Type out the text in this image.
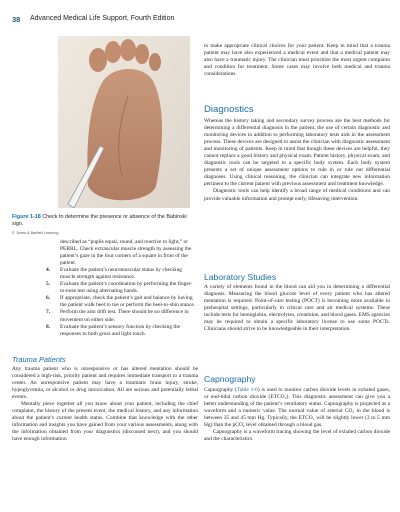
38 Advanced Medical Life Support, Fourth Edition
Figure 1-18 Check to determine the presence or absence of the Babinski sign.
© Jones & Bartlett Learning

described as “pupils equal, round, and reactive to light,” or PERRL. Check extraocular muscle strength by assessing the patient’s gaze in the four corners of a square in front of the patient.

4. Evaluate the patient’s neuromuscular status by checking muscle strength against resistance.
5. Evaluate the patient’s coordination by performing the finger-to-nose test using alternating hands.
6. If appropriate, check the patient’s gait and balance by having the patient walk heel to toe or perform the heel-to-shin stance.
7. Perform the arm drift test. There should be no difference in movement on either side.
8. Evaluate the patient’s sensory function by checking the responses to both gross and light touch.
Trauma Patients

Any trauma patient who is unresponsive or has altered mentation should be considered a high-risk, priority patient and requires immediate transport to a trauma center. An unresponsive patient may have a traumatic brain injury, stroke, hypoglycemia, or alcohol or drug intoxication. All are serious and potentially lethal events.

Mentally piece together all you know about your patient, including the chief complaint, the history of the present event, the medical history, and any information about the patient’s current health status. Combine that knowledge with the other information and insights you have gained from your various assessments, along with the information obtained from your diagnostics (discussed next), and you should have enough information

to make appropriate clinical choices for your patient. Keep in mind that a trauma patient may have also experienced a medical event and that a medical patient may also have a traumatic injury. The clinician must prioritize the most urgent complaint and condition for treatment. Some cases may involve both medical and trauma considerations.
Diagnostics

Whereas the history taking and secondary survey process are the best methods for determining a differential diagnosis in the patient, the use of certain diagnostic and monitoring devices in addition to performing laboratory tests aids in the assessment process. These devices are designed to assist the clinician with diagnostic assessment and monitoring of patients. Keep in mind that though these devices are helpful, they cannot replace a good history and physical exam. Patient history, physical exam, and diagnostic tools can be targeted to a specific body system. Each body system presents a set of unique assessment options to rule in or rule out differential diagnoses. Using clinical reasoning, the clinician can integrate new information pertinent to the current patient with previous assessment and treatment knowledge.

Diagnostic tools can help identify a broad range of medical conditions and can provide valuable information and prompt early, lifesaving intervention.

Laboratory Studies
A variety of elements found in the blood can aid you in determining a differential diagnosis. Measuring the blood glucose level of every patient who has altered mentation is required. Point-of-care testing (POCT) is becoming more available in prehospital settings, particularly in critical care and air medical systems. These include tests for hemoglobin, electrolytes, creatinine, and blood gases. EMS agencies may be required to obtain a specific laboratory license to use some POCTs. Clinicians should strive to be knowledgeable in their interpretation.
Capnography

Capnography (Table 1-6) is used to monitor carbon dioxide levels in exhaled gases, or end-tidal carbon dioxide (ETCO₂). This diagnostic assessment can give you a better understanding of the patient’s ventilatory status. Capnography is projected as a waveform and a numeric value. The normal value of arterial CO₂ in the blood is between 35 and 45 mm Hg. Typically, the ETCO₂ will be slightly lower (3 to 5 mm Hg) than the pCO₂ level obtained through a blood gas.

Capnography is a waveform tracing showing the level of exhaled carbon dioxide and the characteristics
